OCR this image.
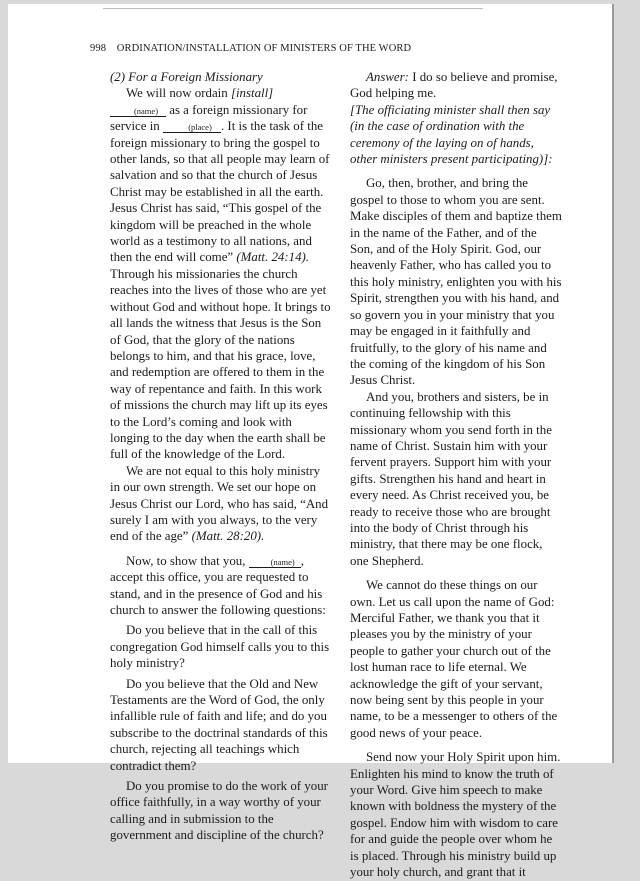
998 ORDINATION/INSTALLATION OF MINISTERS OF THE WORD

(2) For a Foreign Missionary

We will now ordain [install]
(name) as a foreign missionary for service in	(place) . It is the task of the foreign missionary to bring the gospel to other lands, so that all people may learn of salvation and so that the church of Jesus Christ may be established in all the earth. Jesus Christ has said, “This gospel of the kingdom will be preached in the whole world as a testimony to all nations, and then the end will come” (Matt. 24:14). Through his missionaries the church reaches into the lives of those who are yet without God and without hope. It brings to all lands the witness that Jesus is the Son of God, that the glory of the nations belongs to him, and that his grace, love, and redemption are offered to them in the way of repentance and faith. In this work of missions the church may lift up its eyes to the Lord’s coming and look with longing to the day when the earth shall be full of the knowledge of the Lord.

We are not equal to this holy ministry in our own strength. We set our hope on Jesus Christ our Lord, who has said, “And surely I am with you always, to the very end of the age” (Matt. 28:20).

Now, to show that you,	(name) , accept this office, you are requested to stand, and in the presence of God and his church to answer the following questions:

Do you believe that in the call of this congregation God himself calls you to this holy ministry?

Do you believe that the Old and New Testaments are the Word of God, the only infallible rule of faith and life; and do you subscribe to the doctrinal standards of this church, rejecting all teachings which contradict them?

Do you promise to do the work of your office faithfully, in a way worthy of your calling and in submission to the government and discipline of the church?

Answer: I do so believe and promise, God helping me.

[The officiating minister shall then say (in the case of ordination with the ceremony of the laying on of hands, other ministers present participating)]:

Go, then, brother, and bring the gospel to those to whom you are sent. Make disciples of them and baptize them in the name of the Father, and of the Son, and of the Holy Spirit. God, our heavenly Father, who has called you to this holy ministry, enlighten you with his Spirit, strengthen you with his hand, and so govern you in your ministry that you may be engaged in it faithfully and fruitfully, to the glory of his name and the coming of the kingdom of his Son Jesus Christ.

And you, brothers and sisters, be in continuing fellowship with this missionary whom you send forth in the name of Christ. Sustain him with your fervent prayers. Support him with your gifts. Strengthen his hand and heart in every need. As Christ received you, be ready to receive those who are brought into the body of Christ through his ministry, that there may be one flock, one Shepherd.

We cannot do these things on our own. Let us call upon the name of God: Merciful Father, we thank you that it pleases you by the ministry of your people to gather your church out of the lost human race to life eternal. We acknowledge the gift of your servant, now being sent by this people in your name, to be a messenger to others of the good news of your peace.

Send now your Holy Spirit upon him. Enlighten his mind to know the truth of your Word. Give him speech to make known with boldness the mystery of the gospel. Endow him with wisdom to care for and guide the people over whom he is placed. Through his ministry build up your holy church, and grant that it
